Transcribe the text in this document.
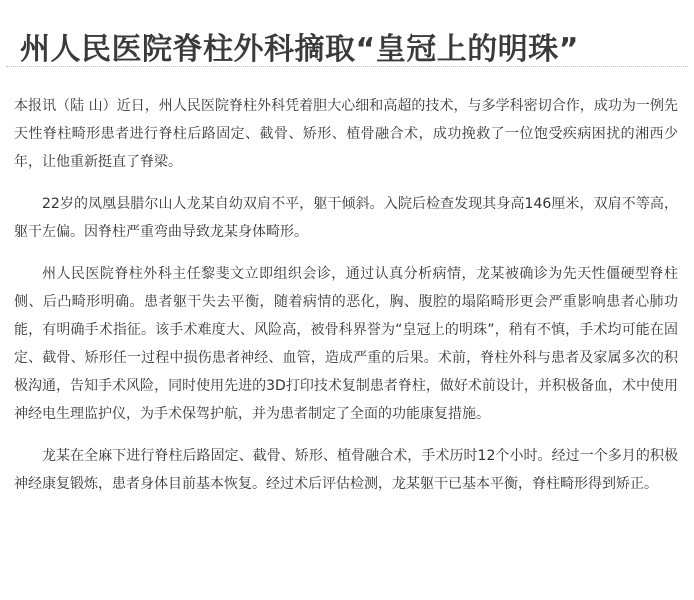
州人民医院脊柱外科摘取“皇冠上的明珠”

本报讯（陆 山）近日，州人民医院脊柱外科凭着胆大心细和高超的技术，与多学科密切合作，成功为一例先天性脊柱畸形患者进行脊柱后路固定、截骨、矫形、植骨融合术，成功挽救了一位饱受疾病困扰的湘西少年，让他重新挺直了脊梁。

22岁的凤凰县腊尔山人龙某自幼双肩不平，躯干倾斜。入院后检查发现其身高146厘米，双肩不等高，躯干左偏。因脊柱严重弯曲导致龙某身体畸形。

州人民医院脊柱外科主任黎斐文立即组织会诊，通过认真分析病情，龙某被确诊为先天性僵硬型脊柱侧、后凸畸形明确。患者躯干失去平衡，随着病情的恶化，胸、腹腔的塌陷畸形更会严重影响患者心肺功能，有明确手术指征。该手术难度大、风险高，被骨科界誉为“皇冠上的明珠”，稍有不慎，手术均可能在固定、截骨、矫形任一过程中损伤患者神经、血管，造成严重的后果。术前，脊柱外科与患者及家属多次的积极沟通，告知手术风险，同时使用先进的3D打印技术复制患者脊柱，做好术前设计，并积极备血，术中使用神经电生理监护仪，为手术保驾护航，并为患者制定了全面的功能康复措施。

龙某在全麻下进行脊柱后路固定、截骨、矫形、植骨融合术，手术历时12个小时。经过一个多月的积极神经康复锻炼，患者身体目前基本恢复。经过术后评估检测，龙某躯干已基本平衡，脊柱畸形得到矫正。
